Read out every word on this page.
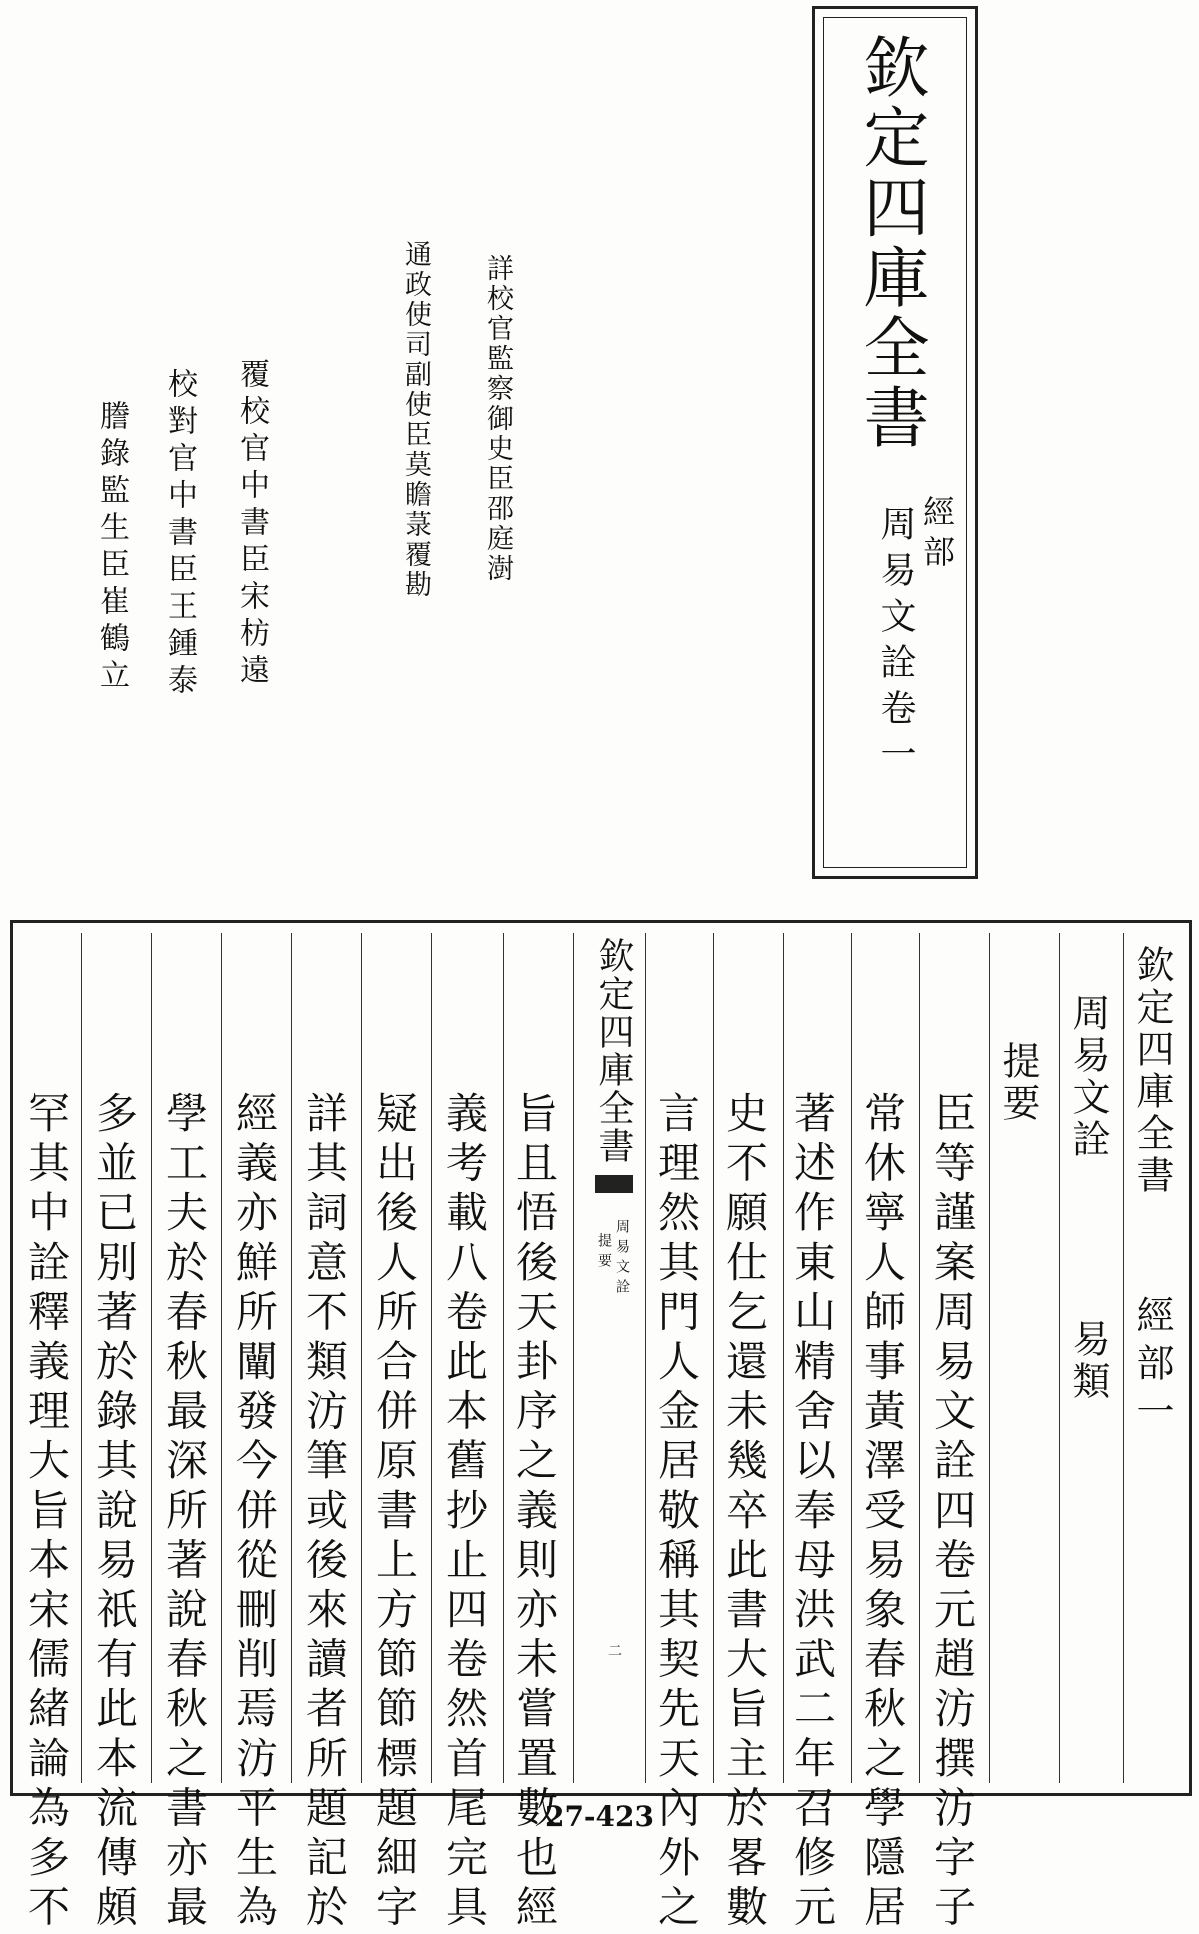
欽定四庫全書
經部
周易文詮卷一
詳校官監察御史臣邵庭澍
通政使司副使臣莫瞻菉覆勘
覆校官中書臣宋枋遠
校對官中書臣王鍾泰
謄錄監生臣崔鶴立
欽定四庫全書
經部一
周易文詮
易類
提要
臣等謹案周易文詮四卷元趙汸撰汸字子
常休寧人師事黃澤受易象春秋之學隱居
著述作東山精舍以奉母洪武二年召修元
史不願仕乞還未幾卒此書大旨主於畧數
言理然其門人金居敬稱其契先天內外之
欽定四庫全書
周易文詮
提要
二
旨且悟後天卦序之義則亦未嘗置數也經
義考載八卷此本舊抄止四卷然首尾完具
疑出後人所合併原書上方節節標題細字
詳其詞意不類汸筆或後來讀者所題記於
經義亦鮮所闡發今併從刪削焉汸平生為
學工夫於春秋最深所著說春秋之書亦最
多並已別著於錄其說易祇有此本流傳頗
罕其中詮釋義理大旨本宋儒緒論為多不	27-423
